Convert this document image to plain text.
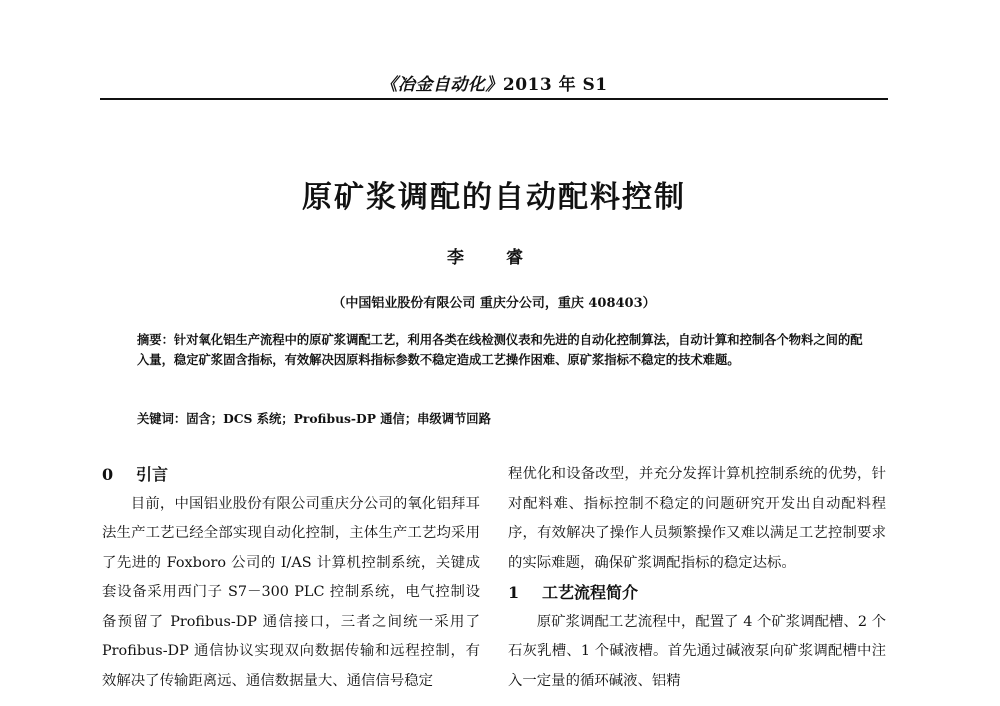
《冶金自动化》2013 年 S1
原矿浆调配的自动配料控制
李 睿
（中国铝业股份有限公司 重庆分公司，重庆 408403）
摘要：针对氧化铝生产流程中的原矿浆调配工艺，利用各类在线检测仪表和先进的自动化控制算法，自动计算和控制各个物料之间的配入量，稳定矿浆固含指标，有效解决因原料指标参数不稳定造成工艺操作困难、原矿浆指标不稳定的技术难题。
关键词：固含；DCS 系统；Profibus-DP 通信；串级调节回路
0 引言

目前，中国铝业股份有限公司重庆分公司的氧化铝拜耳法生产工艺已经全部实现自动化控制，主体生产工艺均采用了先进的 Foxboro 公司的 I/AS 计算机控制系统，关键成套设备采用西门子 S7－300 PLC 控制系统，电气控制设备预留了 Profibus-DP 通信接口，三者之间统一采用了 Profibus-DP 通信协议实现双向数据传输和远程控制，有效解决了传输距离远、通信数据量大、通信信号稳定

程优化和设备改型，并充分发挥计算机控制系统的优势，针对配料难、指标控制不稳定的问题研究开发出自动配料程序，有效解决了操作人员频繁操作又难以满足工艺控制要求的实际难题，确保矿浆调配指标的稳定达标。

1 工艺流程简介

原矿浆调配工艺流程中，配置了 4 个矿浆调配槽、2 个石灰乳槽、1 个碱液槽。首先通过碱液泵向矿浆调配槽中注入一定量的循环碱液、铝精
